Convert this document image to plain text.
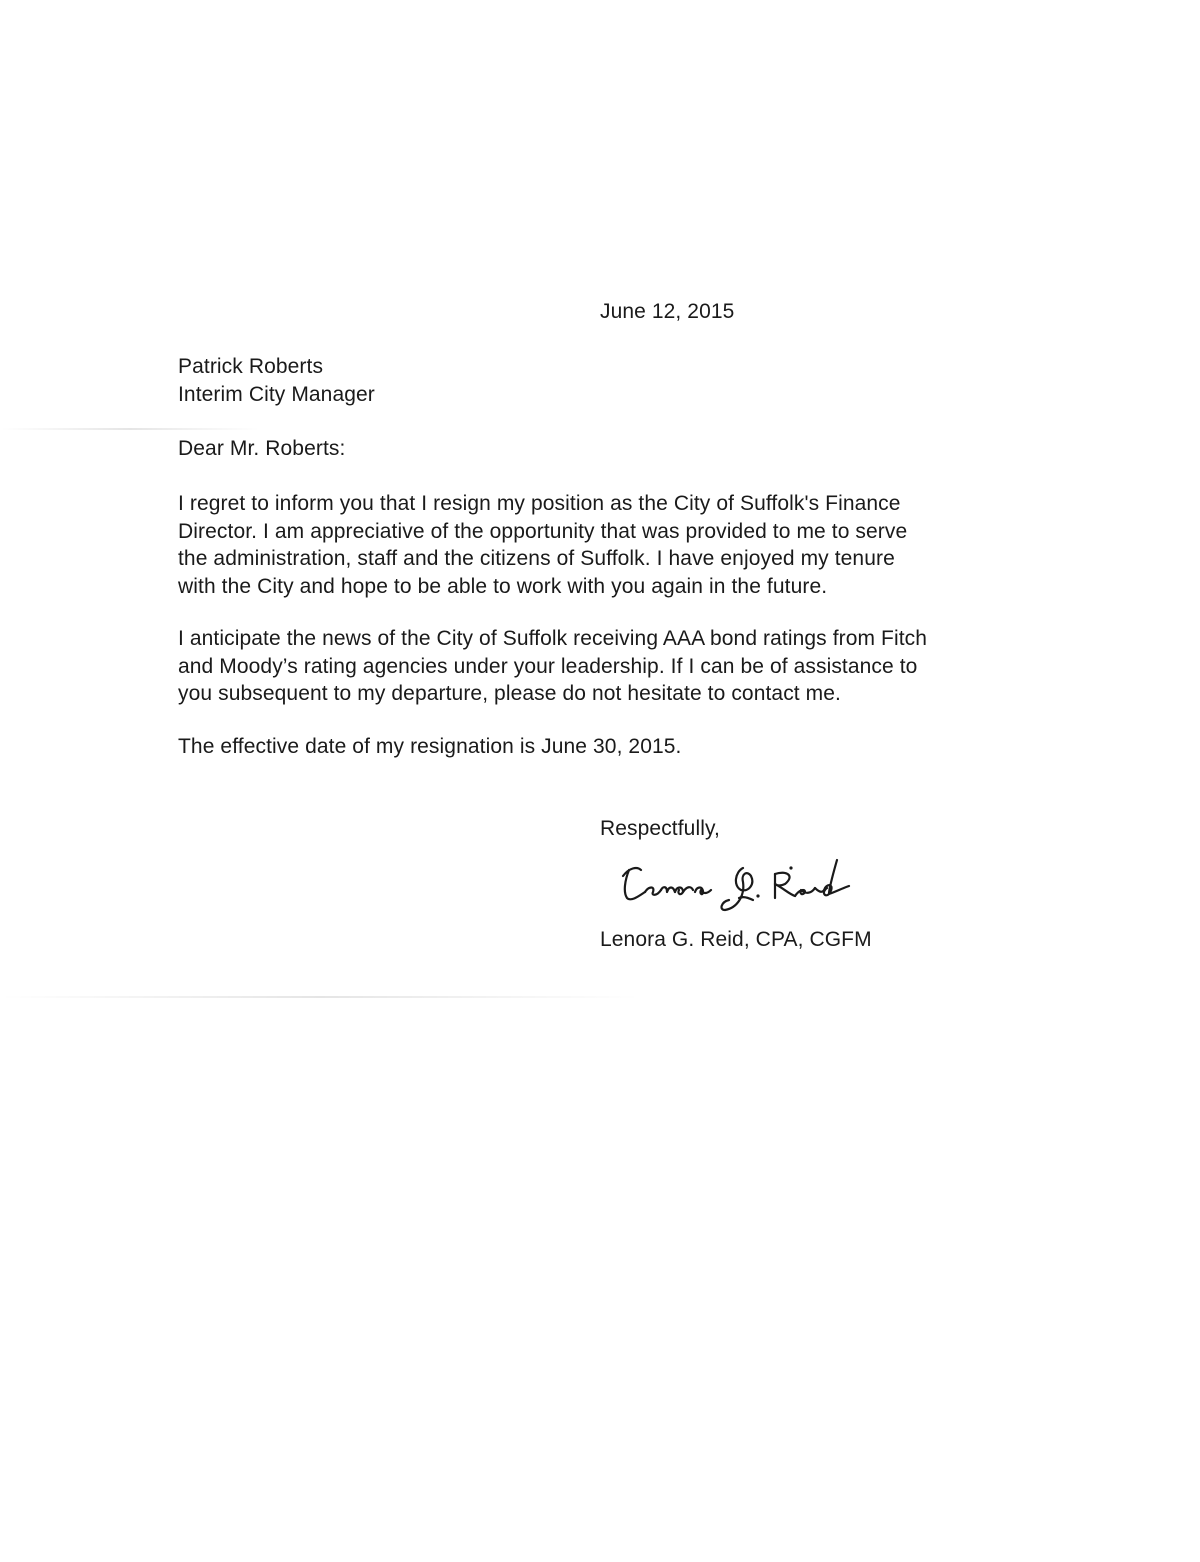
June 12, 2015
Patrick Roberts
Interim City Manager
Dear Mr. Roberts:
I regret to inform you that I resign my position as the City of Suffolk's Finance
Director. I am appreciative of the opportunity that was provided to me to serve
the administration, staff and the citizens of Suffolk. I have enjoyed my tenure
with the City and hope to be able to work with you again in the future.
I anticipate the news of the City of Suffolk receiving AAA bond ratings from Fitch
and Moody’s rating agencies under your leadership. If I can be of assistance to
you subsequent to my departure, please do not hesitate to contact me.
The effective date of my resignation is June 30, 2015.
Respectfully,
Lenora G. Reid, CPA, CGFM
